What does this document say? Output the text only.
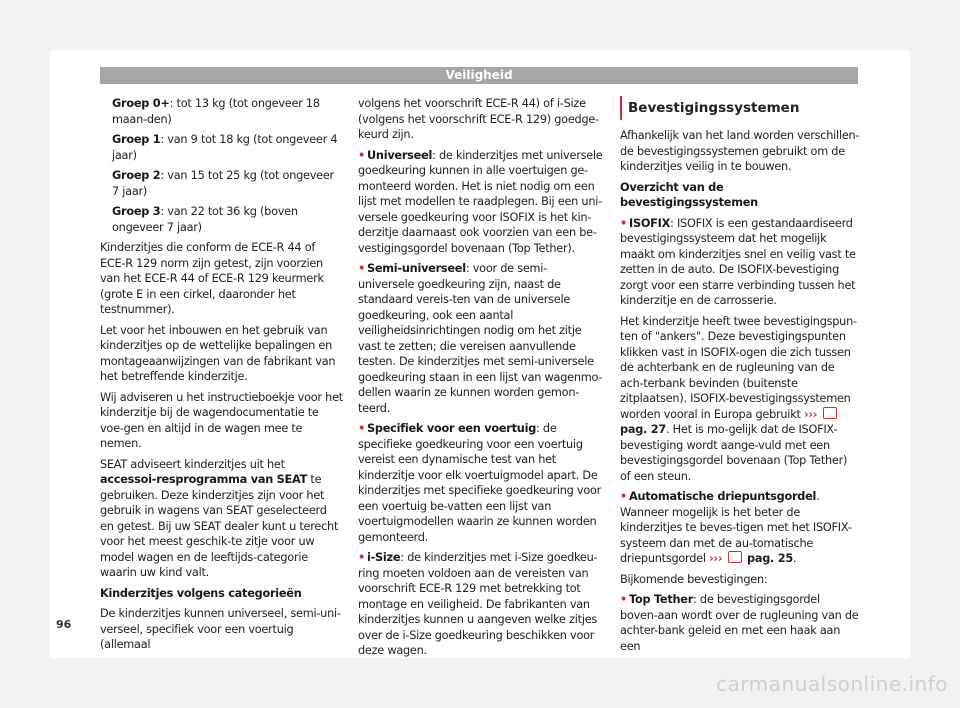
Veiligheid

Groep 0+: tot 13 kg (tot ongeveer 18 maan-den)

Groep 1: van 9 tot 18 kg (tot ongeveer 4 jaar)

Groep 2: van 15 tot 25 kg (tot ongeveer 7 jaar)

Groep 3: van 22 tot 36 kg (boven ongeveer 7 jaar)

Kinderzitjes die conform de ECE-R 44 of ECE-R 129 norm zijn getest, zijn voorzien van het ECE-R 44 of ECE-R 129 keurmerk (grote E in een cirkel, daaronder het testnummer).

Let voor het inbouwen en het gebruik van kinderzitjes op de wettelijke bepalingen en montageaanwijzingen van de fabrikant van het betreffende kinderzitje.

Wij adviseren u het instructieboekje voor het kinderzitje bij de wagendocumentatie te voe-gen en altijd in de wagen mee te nemen.

SEAT adviseert kinderzitjes uit het accessoi-resprogramma van SEAT te gebruiken. Deze kinderzitjes zijn voor het gebruik in wagens van SEAT geselecteerd en getest. Bij uw SEAT dealer kunt u terecht voor het meest geschik-te zitje voor uw model wagen en de leeftijds-categorie waarin uw kind valt.

Kinderzitjes volgens categorieën

De kinderzitjes kunnen universeel, semi-uni-verseel, specifiek voor een voertuig (allemaal

volgens het voorschrift ECE-R 44) of i-Size (volgens het voorschrift ECE-R 129) goedge-keurd zijn.

• Universeel: de kinderzitjes met universele goedkeuring kunnen in alle voertuigen ge-monteerd worden. Het is niet nodig om een lijst met modellen te raadplegen. Bij een uni-versele goedkeuring voor ISOFIX is het kin-derzitje daarnaast ook voorzien van een be-vestigingsgordel bovenaan (Top Tether).

• Semi-universeel: voor de semi-universele goedkeuring zijn, naast de standaard vereis-ten van de universele goedkeuring, ook een aantal veiligheidsinrichtingen nodig om het zitje vast te zetten; die vereisen aanvullende testen. De kinderzitjes met semi-universele goedkeuring staan in een lijst van wagenmo-dellen waarin ze kunnen worden gemon-teerd.

• Specifiek voor een voertuig: de specifieke goedkeuring voor een voertuig vereist een dynamische test van het kinderzitje voor elk voertuigmodel apart. De kinderzitjes met specifieke goedkeuring voor een voertuig be-vatten een lijst van voertuigmodellen waarin ze kunnen worden gemonteerd.

• i-Size: de kinderzitjes met i-Size goedkeu-ring moeten voldoen aan de vereisten van voorschrift ECE-R 129 met betrekking tot montage en veiligheid. De fabrikanten van kinderzitjes kunnen u aangeven welke zitjes over de i-Size goedkeuring beschikken voor deze wagen.

Bevestigingssystemen

Afhankelijk van het land worden verschillen-de bevestigingssystemen gebruikt om de kinderzitjes veilig in te bouwen.

Overzicht van de bevestigingssystemen

• ISOFIX: ISOFIX is een gestandaardiseerd bevestigingssysteem dat het mogelijk maakt om kinderzitjes snel en veilig vast te zetten in de auto. De ISOFIX-bevestiging zorgt voor een starre verbinding tussen het kinderzitje en de carrosserie.

Het kinderzitje heeft twee bevestigingspun-ten of "ankers". Deze bevestigingspunten klikken vast in ISOFIX-ogen die zich tussen de achterbank en de rugleuning van de ach-terbank bevinden (buitenste zitplaatsen). ISOFIX-bevestigingssystemen worden vooral in Europa gebruikt ›››  pag. 27. Het is mo-gelijk dat de ISOFIX-bevestiging wordt aange-vuld met een bevestigingsgordel bovenaan (Top Tether) of een steun.

• Automatische driepuntsgordel. Wanneer mogelijk is het beter de kinderzitjes te beves-tigen met het ISOFIX-systeem dan met de au-tomatische driepuntsgordel ››› pag. 25.

Bijkomende bevestigingen:

• Top Tether: de bevestigingsgordel boven-aan wordt over de rugleuning van de achter-bank geleid en met een haak aan een

96
carmanualsonline.info
